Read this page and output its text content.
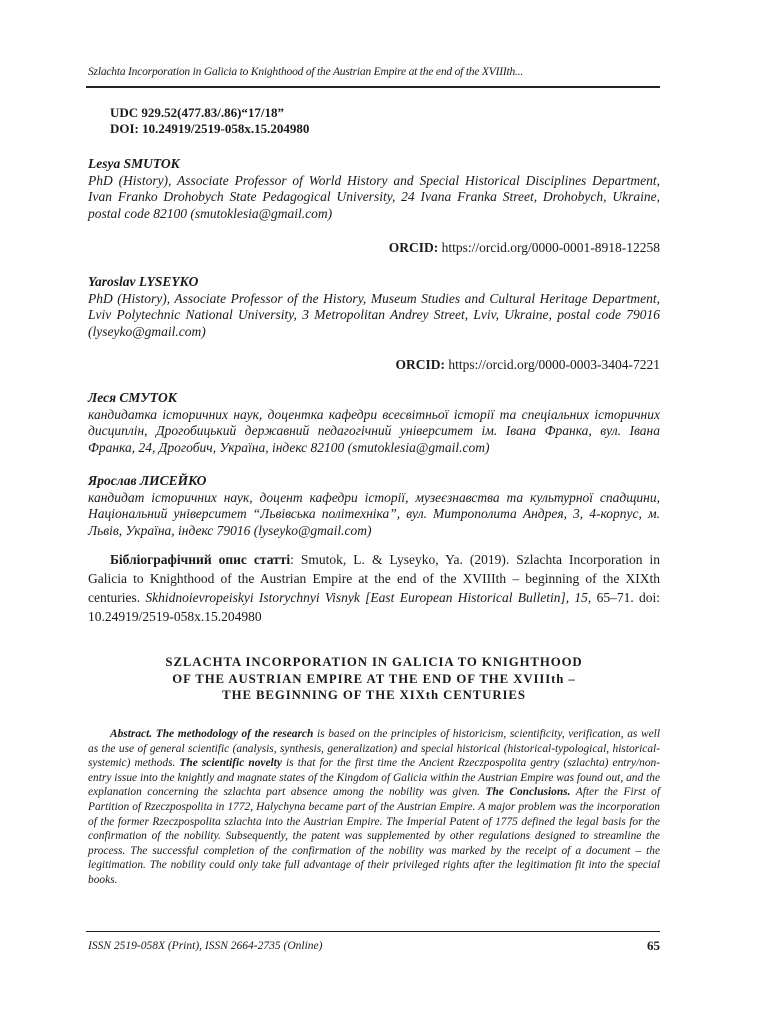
Szlachta Incorporation in Galicia to Knighthood of the Austrian Empire at the end of the XVIIIth...
UDC 929.52(477.83/.86)“17/18”
DOI: 10.24919/2519-058x.15.204980
Lesya SMUTOK
PhD (History), Associate Professor of World History and Special Historical Disciplines Department, Ivan Franko Drohobych State Pedagogical University, 24 Ivana Franka Street, Drohobych, Ukraine, postal code 82100 (smutoklesia@gmail.com)
ORCID: https://orcid.org/0000-0001-8918-12258
Yaroslav LYSEYKO
PhD (History), Associate Professor of the History, Museum Studies and Cultural Heritage Department, Lviv Polytechnic National University, 3 Metropolitan Andrey Street, Lviv, Ukraine, postal code 79016 (lyseyko@gmail.com)
ORCID: https://orcid.org/0000-0003-3404-7221
Леся СМУТОК
кандидатка історичних наук, доцентка кафедри всесвітньої історії та спеціальних історичних дисциплін, Дрогобицький державний педагогічний університет ім. Івана Франка, вул. Івана Франка, 24, Дрогобич, Україна, індекс 82100 (smutoklesia@gmail.com)
Ярослав ЛИСЕЙКО
кандидат історичних наук, доцент кафедри історії, музеєзнавства та культурної спадщини, Національний університет “Львівська політехніка”, вул. Митрополита Андрея, 3, 4-корпус, м. Львів, Україна, індекс 79016 (lyseyko@gmail.com)
Бібліографічний опис статті: Smutok, L. & Lyseyko, Ya. (2019). Szlachta Incorporation in Galicia to Knighthood of the Austrian Empire at the end of the XVIIIth – beginning of the XIXth centuries. Skhidnoievropeiskyi Istorychnyi Visnyk [East European Historical Bulletin], 15, 65–71. doi: 10.24919/2519-058x.15.204980
SZLACHTA INCORPORATION IN GALICIA TO KNIGHTHOOD
OF THE AUSTRIAN EMPIRE AT THE END OF THE XVIIIth –
THE BEGINNING OF THE XIXth CENTURIES
Abstract. The methodology of the research is based on the principles of historicism, scientificity, verification, as well as the use of general scientific (analysis, synthesis, generalization) and special historical (historical-typological, historical-systemic) methods. The scientific novelty is that for the first time the Ancient Rzeczpospolita gentry (szlachta) entry/non-entry issue into the knightly and magnate states of the Kingdom of Galicia within the Austrian Empire was found out, and the explanation concerning the szlachta part absence among the nobility was given. The Conclusions. After the First of Partition of Rzeczpospolita in 1772, Halychyna became part of the Austrian Empire. A major problem was the incorporation of the former Rzeczpospolita szlachta into the Austrian Empire. The Imperial Patent of 1775 defined the legal basis for the confirmation of the nobility. Subsequently, the patent was supplemented by other regulations designed to streamline the process. The successful completion of the confirmation of the nobility was marked by the receipt of a document – the legitimation. The nobility could only take full advantage of their privileged rights after the legitimation fit into the special books.
ISSN 2519-058X (Print), ISSN 2664-2735 (Online)	65
